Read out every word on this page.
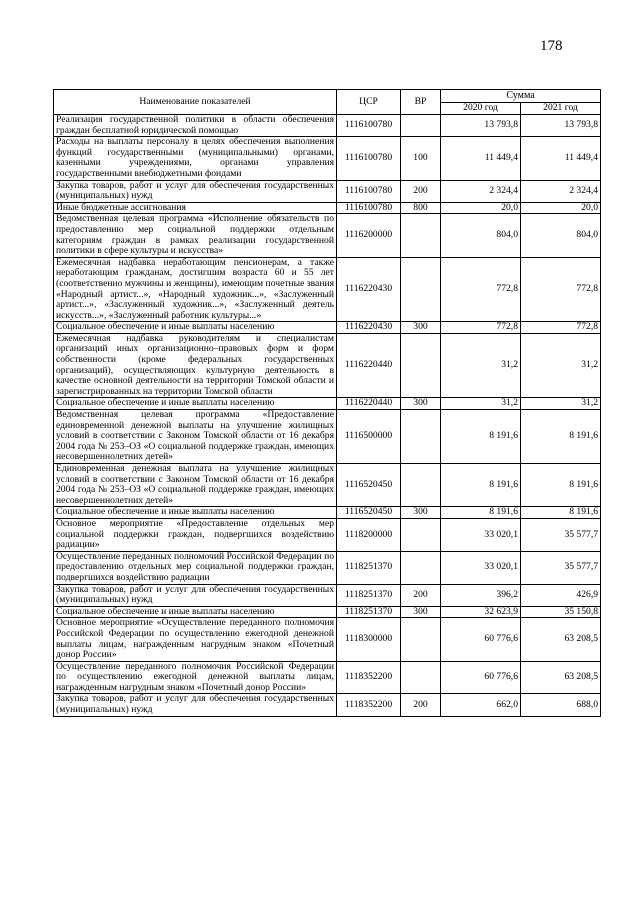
178
Наименование показателей	ЦСР	ВР	Сумма	
			2020 год	2021 год
Реализация государственной политики в области обеспечения граждан бесплатной юридической помощью	1116100780		13 793,8	13 793,8
Расходы на выплаты персоналу в целях обеспечения выполнения функций государственными (муниципальными) органами, казенными учреждениями, органами управления государственными внебюджетными фондами	1116100780	100	11 449,4	11 449,4
Закупка товаров, работ и услуг для обеспечения государственных (муниципальных) нужд	1116100780	200	2 324,4	2 324,4
Иные бюджетные ассигнования	1116100780	800	20,0	20,0
Ведомственная целевая программа «Исполнение обязательств по предоставлению мер социальной поддержки отдельным категориям граждан в рамках реализации государственной политики в сфере культуры и искусства»	1116200000		804,0	804,0
Ежемесячная надбавка неработающим пенсионерам, а также неработающим гражданам, достигшим возраста 60 и 55 лет (соответственно мужчины и женщины), имеющим почетные звания «Народный артист...», «Народный художник...», «Заслуженный артист...», «Заслуженный художник...», «Заслуженный деятель искусств...», «Заслуженный работник культуры...»	1116220430		772,8	772,8
Социальное обеспечение и иные выплаты населению	1116220430	300	772,8	772,8
Ежемесячная надбавка руководителям и специалистам организаций иных организационно–правовых форм и форм собственности (кроме федеральных государственных организаций), осуществляющих культурную деятельность в качестве основной деятельности на территории Томской области и зарегистрированных на территории Томской области	1116220440		31,2	31,2
Социальное обеспечение и иные выплаты населению	1116220440	300	31,2	31,2
Ведомственная целевая программа «Предоставление единовременной денежной выплаты на улучшение жилищных условий в соответствии с Законом Томской области от 16 декабря 2004 года № 253–ОЗ «О социальной поддержке граждан, имеющих несовершеннолетних детей»	1116500000		8 191,6	8 191,6
Единовременная денежная выплата на улучшение жилищных условий в соответствии с Законом Томской области от 16 декабря 2004 года № 253–ОЗ «О социальной поддержке граждан, имеющих несовершеннолетних детей»	1116520450		8 191,6	8 191,6
Социальное обеспечение и иные выплаты населению	1116520450	300	8 191,6	8 191,6
Основное мероприятие «Предоставление отдельных мер социальной поддержки граждан, подвергшихся воздействию радиации»	1118200000		33 020,1	35 577,7
Осуществление переданных полномочий Российской Федерации по предоставлению отдельных мер социальной поддержки граждан, подвергшихся воздействию радиации	1118251370		33 020,1	35 577,7
Закупка товаров, работ и услуг для обеспечения государственных (муниципальных) нужд	1118251370	200	396,2	426,9
Социальное обеспечение и иные выплаты населению	1118251370	300	32 623,9	35 150,8
Основное мероприятие «Осуществление переданного полномочия Российской Федерации по осуществлению ежегодной денежной выплаты лицам, награжденным нагрудным знаком «Почетный донор России»	1118300000		60 776,6	63 208,5
Осуществление переданного полномочия Российской Федерации по осуществлению ежегодной денежной выплаты лицам, награжденным нагрудным знаком «Почетный донор России»	1118352200		60 776,6	63 208,5
Закупка товаров, работ и услуг для обеспечения государственных (муниципальных) нужд	1118352200	200	662,0	688,0
